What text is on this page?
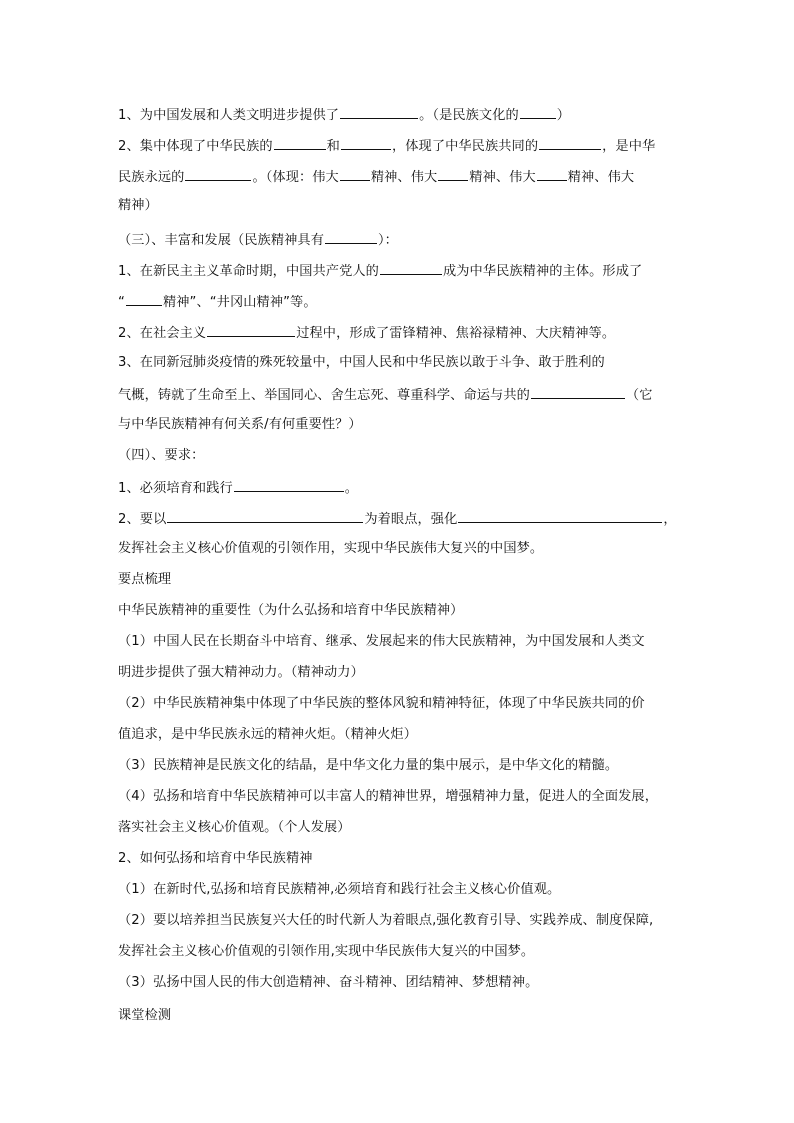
1、为中国发展和人类文明进步提供了	。（是民族文化的	）
2、集中体现了中华民族的	和	，体现了中华民族共同的	，是中华
民族永远的	。（体现：伟大 精神、伟大 精神、伟大 精神、伟大
精神）
（三）、丰富和发展（民族精神具有	）：
1、在新民主主义革命时期，中国共产党人的	成为中华民族精神的主体。形成了
“	精神”、“井冈山精神”等。
2、在社会主义	过程中，形成了雷锋精神、焦裕禄精神、大庆精神等。
3、在同新冠肺炎疫情的殊死较量中，中国人民和中华民族以敢于斗争、敢于胜利的
气概，铸就了生命至上、举国同心、舍生忘死、尊重科学、命运与共的	（它
与中华民族精神有何关系/有何重要性？）
（四）、要求：
1、必须培育和践行	。
2、要以	为着眼点，强化	，
发挥社会主义核心价值观的引领作用，实现中华民族伟大复兴的中国梦。
要点梳理
中华民族精神的重要性（为什么弘扬和培育中华民族精神）
（1）中国人民在长期奋斗中培育、继承、发展起来的伟大民族精神，为中国发展和人类文
明进步提供了强大精神动力。（精神动力）
（2）中华民族精神集中体现了中华民族的整体风貌和精神特征，体现了中华民族共同的价
值追求，是中华民族永远的精神火炬。（精神火炬）
（3）民族精神是民族文化的结晶，是中华文化力量的集中展示，是中华文化的精髓。
（4）弘扬和培育中华民族精神可以丰富人的精神世界，增强精神力量，促进人的全面发展，
落实社会主义核心价值观。（个人发展）
2、如何弘扬和培育中华民族精神
（1）在新时代,弘扬和培育民族精神,必须培育和践行社会主义核心价值观。
（2）要以培养担当民族复兴大任的时代新人为着眼点,强化教育引导、实践养成、制度保障,
发挥社会主义核心价值观的引领作用,实现中华民族伟大复兴的中国梦。
（3）弘扬中国人民的伟大创造精神、奋斗精神、团结精神、梦想精神。
课堂检测
